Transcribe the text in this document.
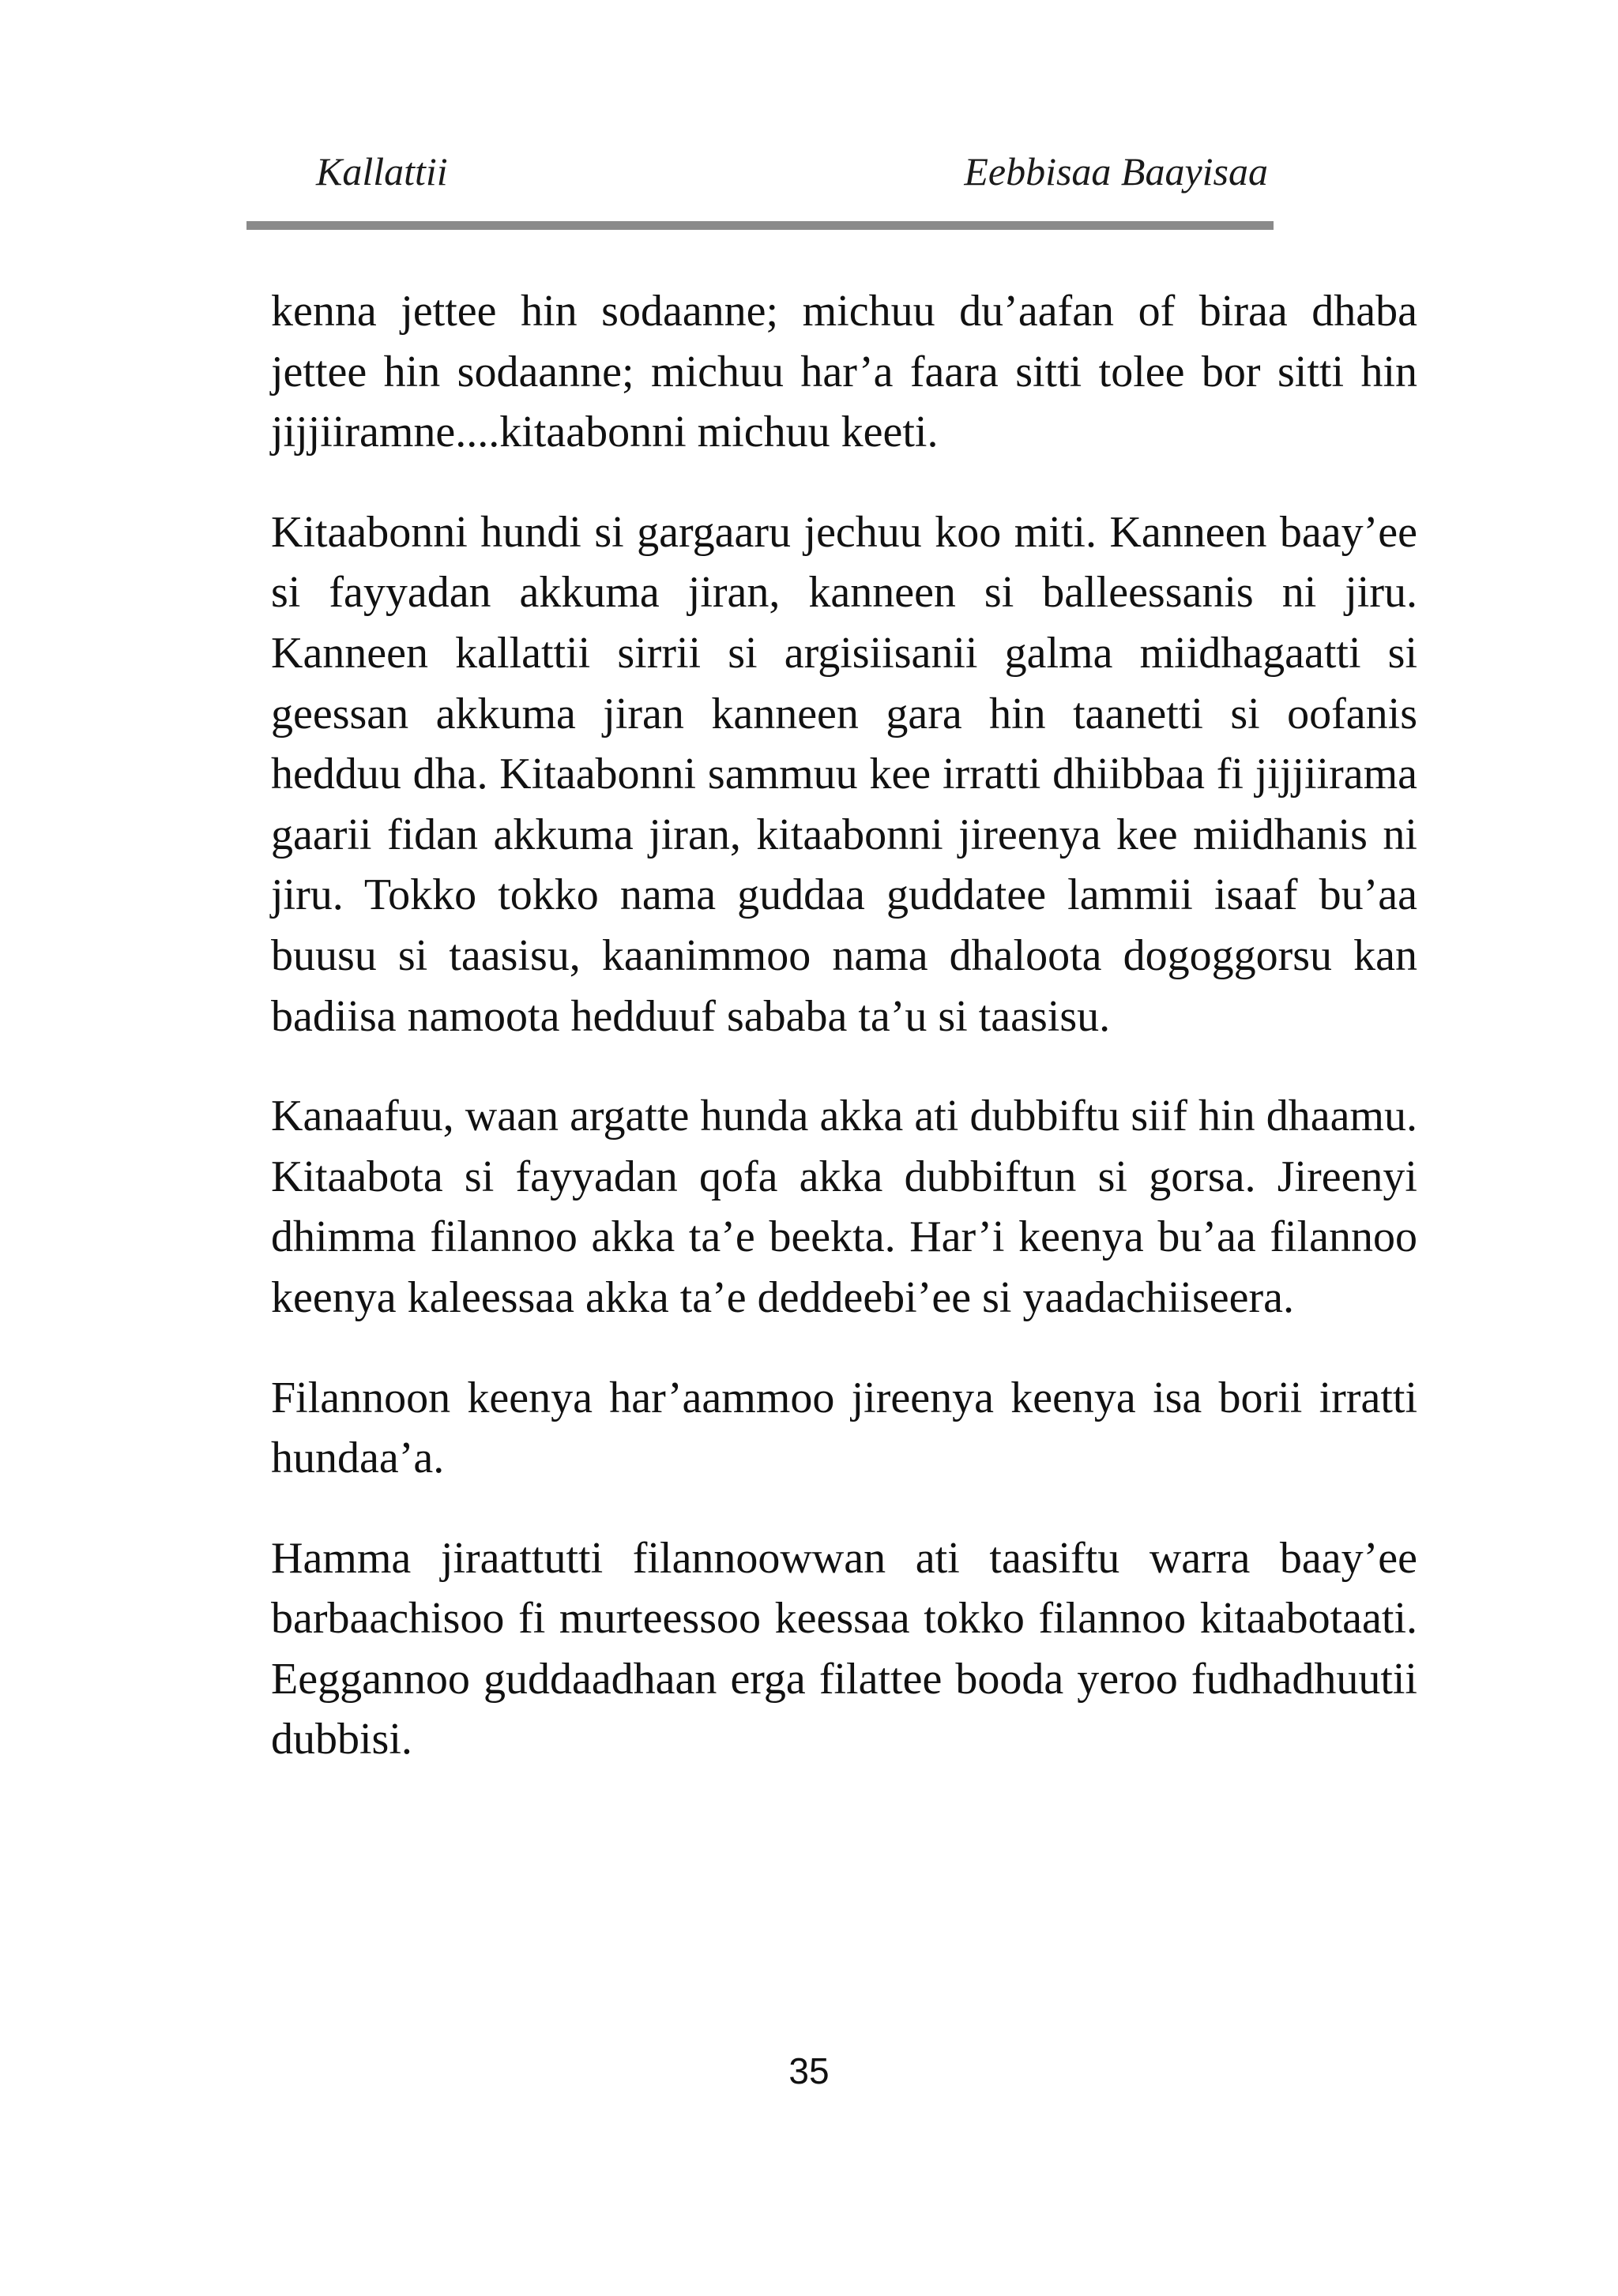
Kallattii	Eebbisaa Baayisaa

kenna jettee hin sodaanne; michuu du’aafan of biraa dhaba jettee hin sodaanne; michuu har’a faara sitti tolee bor sitti hin jijjiiramne....kitaabonni michuu keeti.

Kitaabonni hundi si gargaaru jechuu koo miti. Kanneen baay’ee si fayyadan akkuma jiran, kanneen si balleessanis ni jiru. Kanneen kallattii sirrii si argisiisanii galma miidhagaatti si geessan akkuma jiran kanneen gara hin taanetti si oofanis hedduu dha. Kitaabonni sammuu kee irratti dhiibbaa fi jijjiirama gaarii fidan akkuma jiran, kitaabonni jireenya kee miidhanis ni jiru. Tokko tokko nama guddaa guddatee lammii isaaf bu’aa buusu si taasisu, kaanimmoo nama dhaloota dogoggorsu kan badiisa namoota hedduuf sababa ta’u si taasisu.

Kanaafuu, waan argatte hunda akka ati dubbiftu siif hin dhaamu. Kitaabota si fayyadan qofa akka dubbiftun si gorsa. Jireenyi dhimma filannoo akka ta’e beekta. Har’i keenya bu’aa filannoo keenya kaleessaa akka ta’e deddeebi’ee si yaadachiiseera.

Filannoon keenya har’aammoo jireenya keenya isa borii irratti hundaa’a.

Hamma jiraattutti filannoowwan ati taasiftu warra baay’ee barbaachisoo fi murteessoo keessaa tokko filannoo kitaabotaati. Eeggannoo guddaadhaan erga filattee booda yeroo fudhadhuutii dubbisi.

35
